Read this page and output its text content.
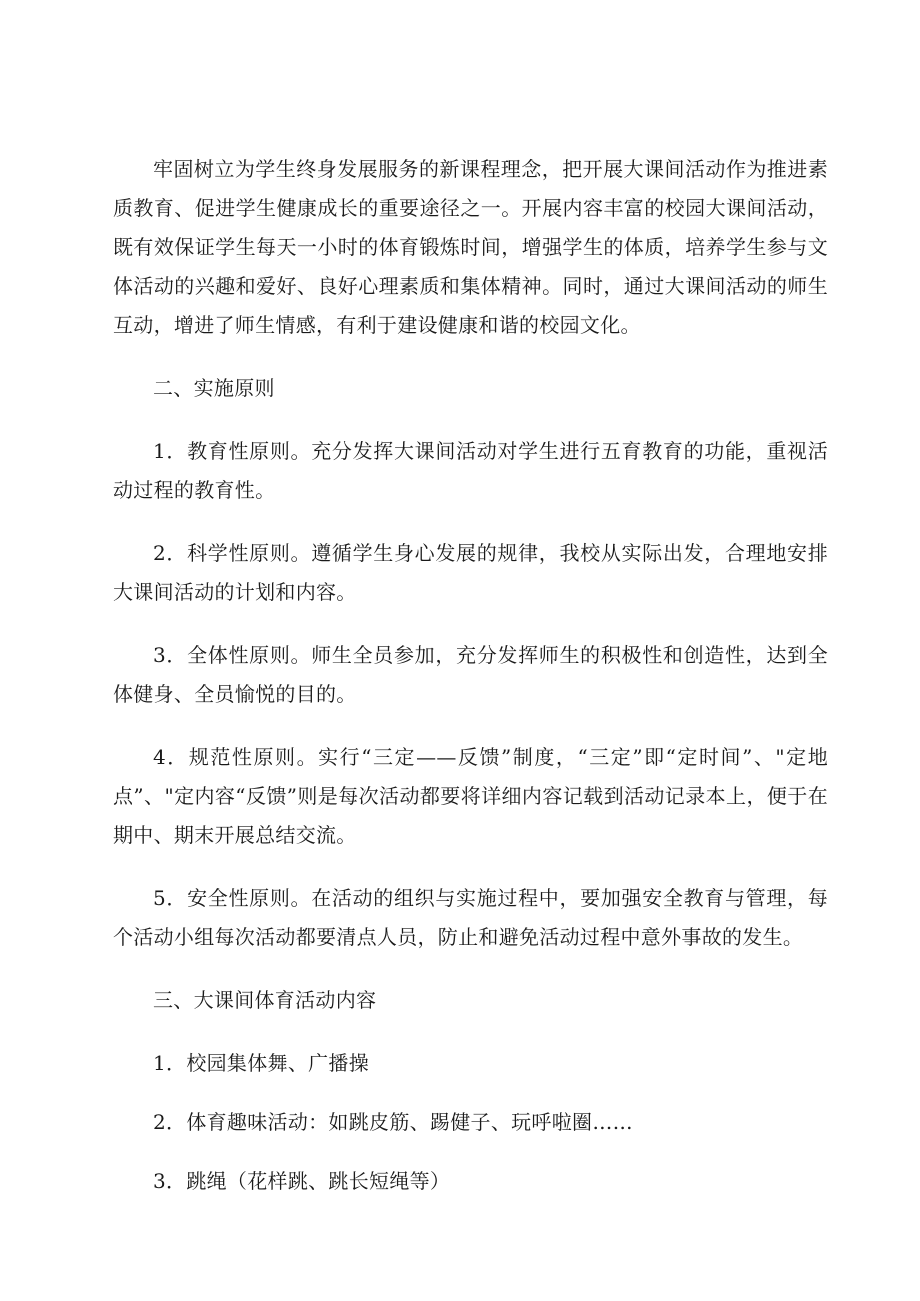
牢固树立为学生终身发展服务的新课程理念，把开展大课间活动作为推进素质教育、促进学生健康成长的重要途径之一。开展内容丰富的校园大课间活动，既有效保证学生每天一小时的体育锻炼时间，增强学生的体质，培养学生参与文体活动的兴趣和爱好、良好心理素质和集体精神。同时，通过大课间活动的师生互动，增进了师生情感，有利于建设健康和谐的校园文化。

二、实施原则

1．教育性原则。充分发挥大课间活动对学生进行五育教育的功能，重视活动过程的教育性。

2．科学性原则。遵循学生身心发展的规律，我校从实际出发，合理地安排大课间活动的计划和内容。

3．全体性原则。师生全员参加，充分发挥师生的积极性和创造性，达到全体健身、全员愉悦的目的。

4．规范性原则。实行“三定——反馈”制度，“三定”即“定时间”、"定地点”、"定内容“反馈”则是每次活动都要将详细内容记载到活动记录本上，便于在期中、期末开展总结交流。

5．安全性原则。在活动的组织与实施过程中，要加强安全教育与管理，每个活动小组每次活动都要清点人员，防止和避免活动过程中意外事故的发生。

三、大课间体育活动内容

1．校园集体舞、广播操

2．体育趣味活动：如跳皮筋、踢健子、玩呼啦圈……

3．跳绳（花样跳、跳长短绳等）
